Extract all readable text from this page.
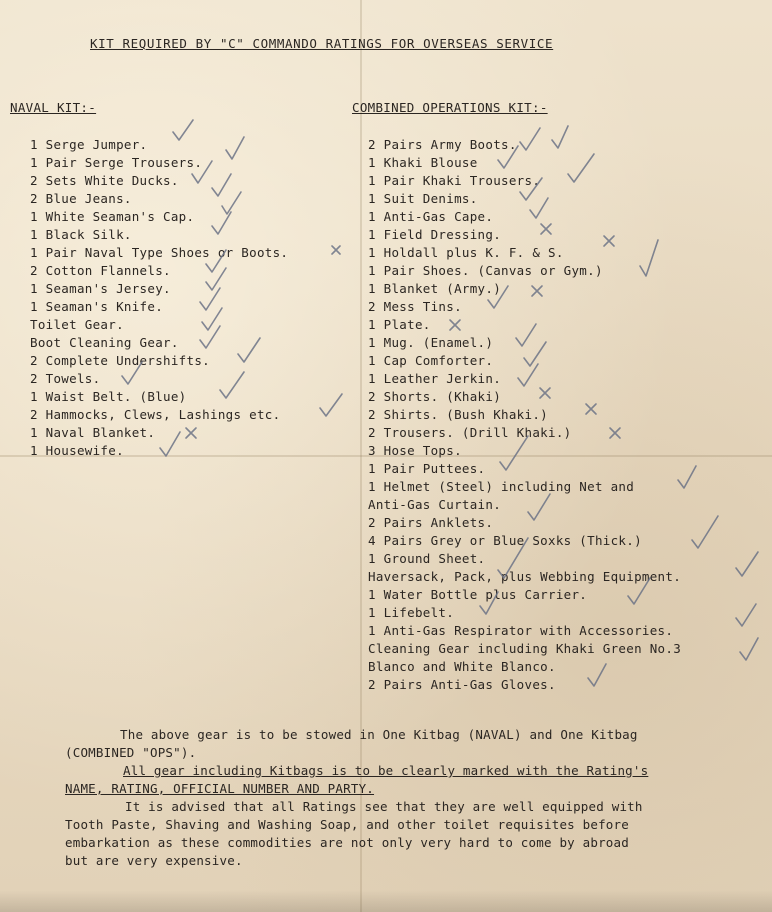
KIT REQUIRED BY "C" COMMANDO RATINGS FOR OVERSEAS SERVICE
NAVAL KIT:-	COMBINED OPERATIONS KIT:-
1 Serge Jumper.
1 Pair Serge Trousers.
2 Sets White Ducks.
2 Blue Jeans.
1 White Seaman's Cap.
1 Black Silk.
1 Pair Naval Type Shoes or Boots.
2 Cotton Flannels.
1 Seaman's Jersey.
1 Seaman's Knife.
Toilet Gear.
Boot Cleaning Gear.
2 Complete Undershifts.
2 Towels.
1 Waist Belt. (Blue)
2 Hammocks, Clews, Lashings etc.
1 Naval Blanket.
1 Housewife.
2 Pairs Army Boots.
1 Khaki Blouse
1 Pair Khaki Trousers.
1 Suit Denims.
1 Anti-Gas Cape.
1 Field Dressing.
1 Holdall plus K. F. & S.
1 Pair Shoes. (Canvas or Gym.)
1 Blanket (Army.)
2 Mess Tins.
1 Plate.
1 Mug. (Enamel.)
1 Cap Comforter.
1 Leather Jerkin.
2 Shorts. (Khaki)
2 Shirts. (Bush Khaki.)
2 Trousers. (Drill Khaki.)
3 Hose Tops.
1 Pair Puttees.
1 Helmet (Steel) including Net and
Anti-Gas Curtain.
2 Pairs Anklets.
4 Pairs Grey or Blue Soxks (Thick.)
1 Ground Sheet.
Haversack, Pack, plus Webbing Equipment.
1 Water Bottle plus Carrier.
1 Lifebelt.
1 Anti-Gas Respirator with Accessories.
Cleaning Gear including Khaki Green No.3
Blanco and White Blanco.
2 Pairs Anti-Gas Gloves.

The above gear is to be stowed in One Kitbag (NAVAL) and One Kitbag

(COMBINED "OPS").

All gear including Kitbags is to be clearly marked with the Rating's

NAME, RATING, OFFICIAL NUMBER AND PARTY.

It is advised that all Ratings see that they are well equipped with

Tooth Paste, Shaving and Washing Soap, and other toilet requisites before

embarkation as these commodities are not only very hard to come by abroad

but are very expensive.
